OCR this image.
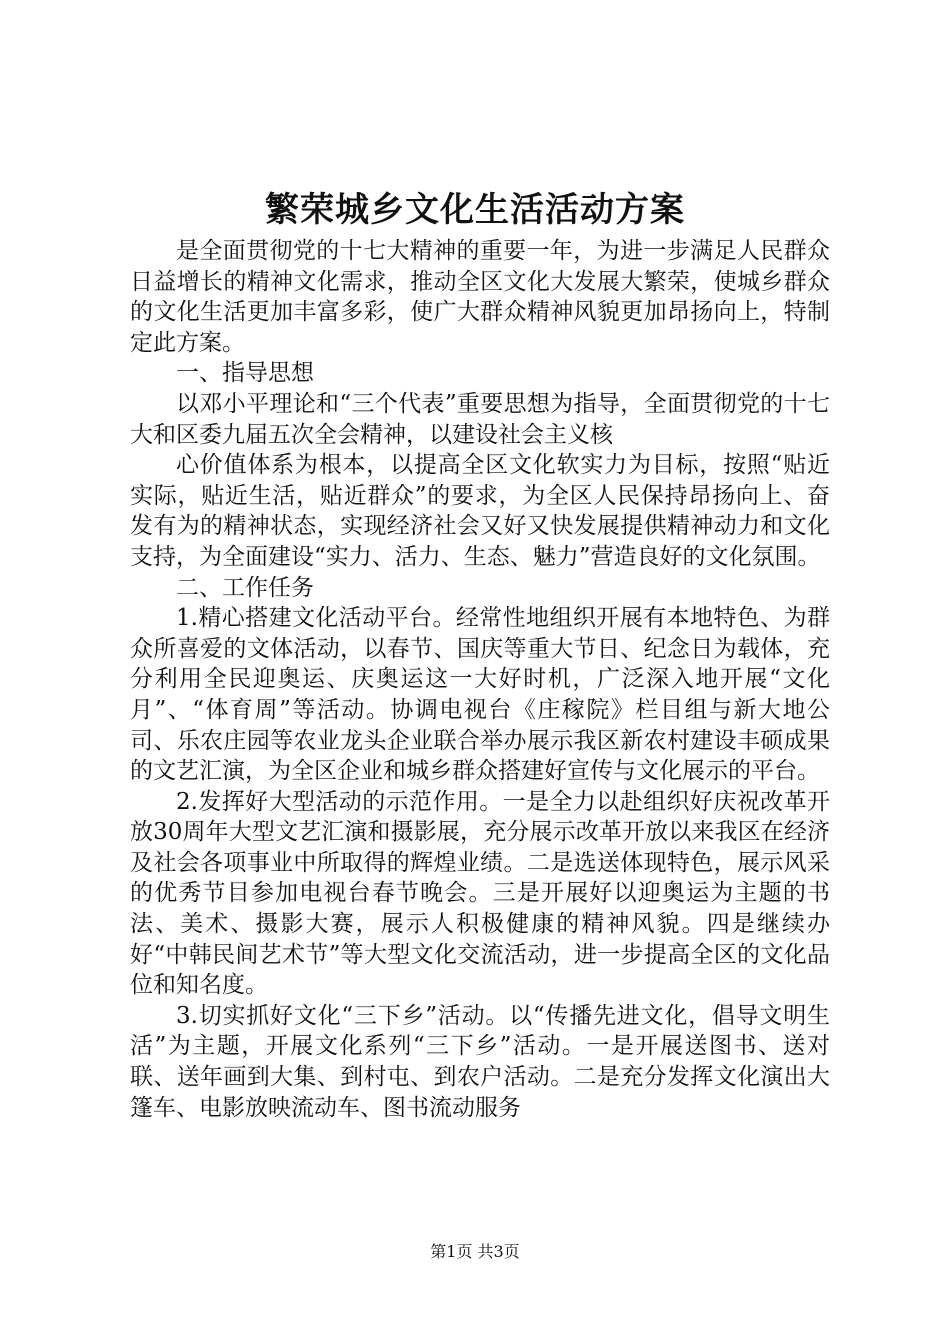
繁荣城乡文化生活活动方案

是全面贯彻党的十七大精神的重要一年，为进一步满足人民群众日益增长的精神文化需求，推动全区文化大发展大繁荣，使城乡群众的文化生活更加丰富多彩，使广大群众精神风貌更加昂扬向上，特制定此方案。

一、指导思想

以邓小平理论和“三个代表”重要思想为指导，全面贯彻党的十七大和区委九届五次全会精神，以建设社会主义核

心价值体系为根本，以提高全区文化软实力为目标，按照“贴近实际，贴近生活，贴近群众”的要求，为全区人民保持昂扬向上、奋发有为的精神状态，实现经济社会又好又快发展提供精神动力和文化支持，为全面建设“实力、活力、生态、魅力”营造良好的文化氛围。

二、工作任务

1.精心搭建文化活动平台。经常性地组织开展有本地特色、为群众所喜爱的文体活动，以春节、国庆等重大节日、纪念日为载体，充分利用全民迎奥运、庆奥运这一大好时机，广泛深入地开展“文化月”、“体育周”等活动。协调电视台《庄稼院》栏目组与新大地公司、乐农庄园等农业龙头企业联合举办展示我区新农村建设丰硕成果的文艺汇演，为全区企业和城乡群众搭建好宣传与文化展示的平台。

2.发挥好大型活动的示范作用。一是全力以赴组织好庆祝改革开放30周年大型文艺汇演和摄影展，充分展示改革开放以来我区在经济及社会各项事业中所取得的辉煌业绩。二是选送体现特色，展示风采的优秀节目参加电视台春节晚会。三是开展好以迎奥运为主题的书法、美术、摄影大赛，展示人积极健康的精神风貌。四是继续办好“中韩民间艺术节”等大型文化交流活动，进一步提高全区的文化品位和知名度。

3.切实抓好文化“三下乡”活动。以“传播先进文化，倡导文明生活”为主题，开展文化系列“三下乡”活动。一是开展送图书、送对联、送年画到大集、到村屯、到农户活动。二是充分发挥文化演出大篷车、电影放映流动车、图书流动服务

第1页 共3页
